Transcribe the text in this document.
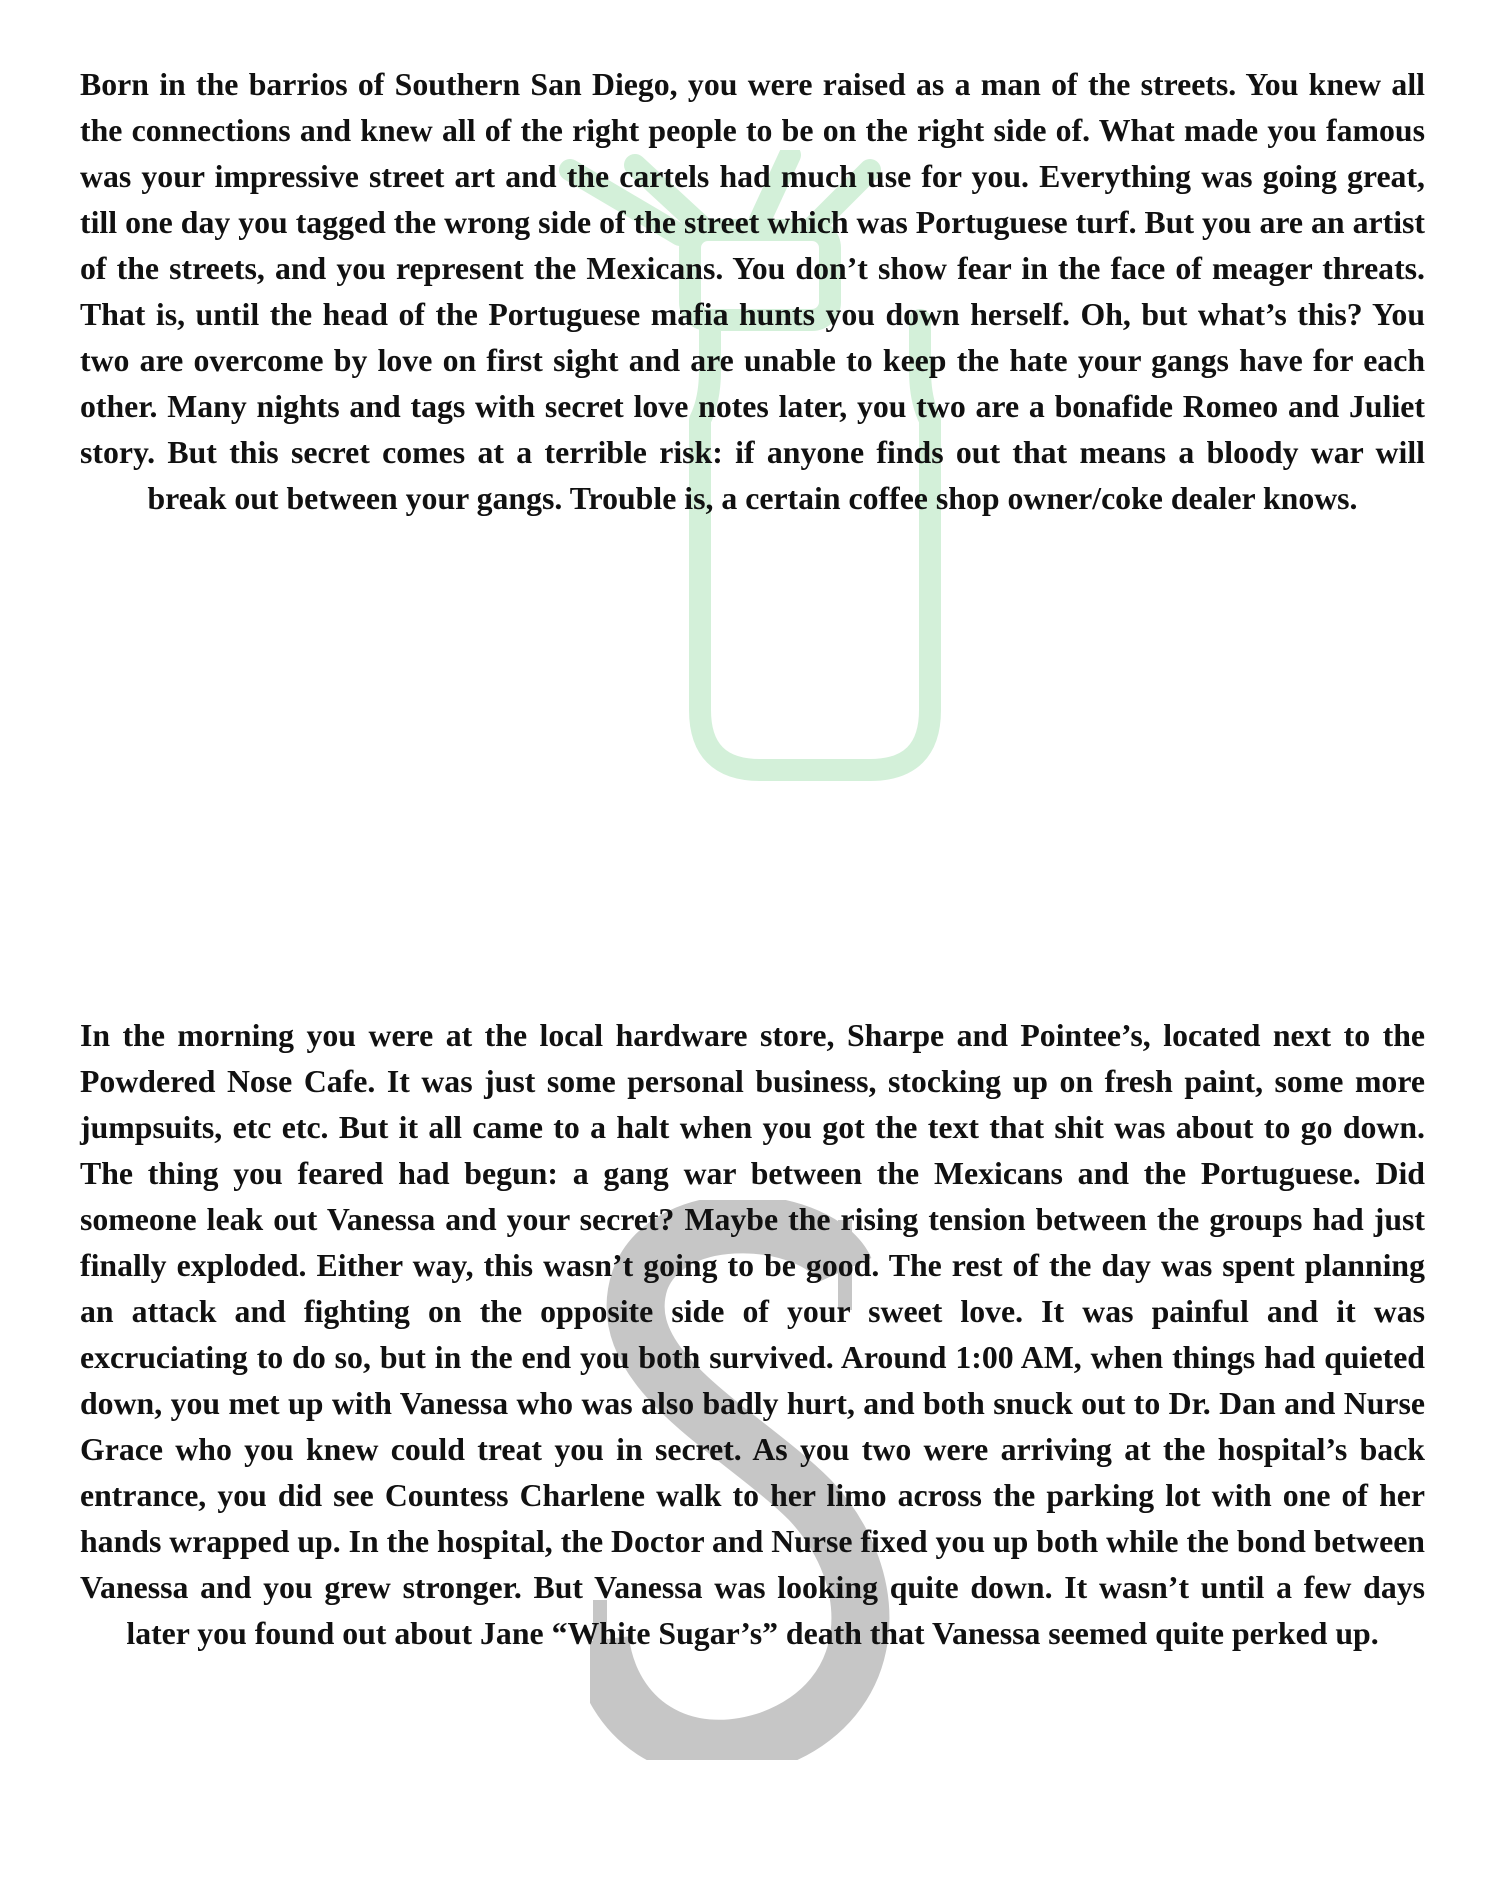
Born in the barrios of Southern San Diego, you were raised as a man of the streets. You knew all the connections and knew all of the right people to be on the right side of. What made you famous was your impressive street art and the cartels had much use for you. Everything was going great, till one day you tagged the wrong side of the street which was Portuguese turf. But you are an artist of the streets, and you represent the Mexicans. You don’t show fear in the face of meager threats. That is, until the head of the Portuguese mafia hunts you down herself. Oh, but what’s this? You two are overcome by love on first sight and are unable to keep the hate your gangs have for each other. Many nights and tags with secret love notes later, you two are a bonafide Romeo and Juliet story. But this secret comes at a terrible risk: if anyone finds out that means a bloody war will break out between your gangs. Trouble is, a certain coffee shop owner/coke dealer knows.

In the morning you were at the local hardware store, Sharpe and Pointee’s, located next to the Powdered Nose Cafe. It was just some personal business, stocking up on fresh paint, some more jumpsuits, etc etc. But it all came to a halt when you got the text that shit was about to go down. The thing you feared had begun: a gang war between the Mexicans and the Portuguese. Did someone leak out Vanessa and your secret? Maybe the rising tension between the groups had just finally exploded. Either way, this wasn’t going to be good. The rest of the day was spent planning an attack and fighting on the opposite side of your sweet love. It was painful and it was excruciating to do so, but in the end you both survived. Around 1:00 AM, when things had quieted down, you met up with Vanessa who was also badly hurt, and both snuck out to Dr. Dan and Nurse Grace who you knew could treat you in secret. As you two were arriving at the hospital’s back entrance, you did see Countess Charlene walk to her limo across the parking lot with one of her hands wrapped up. In the hospital, the Doctor and Nurse fixed you up both while the bond between Vanessa and you grew stronger. But Vanessa was looking quite down. It wasn’t until a few days later you found out about Jane “White Sugar’s” death that Vanessa seemed quite perked up.
